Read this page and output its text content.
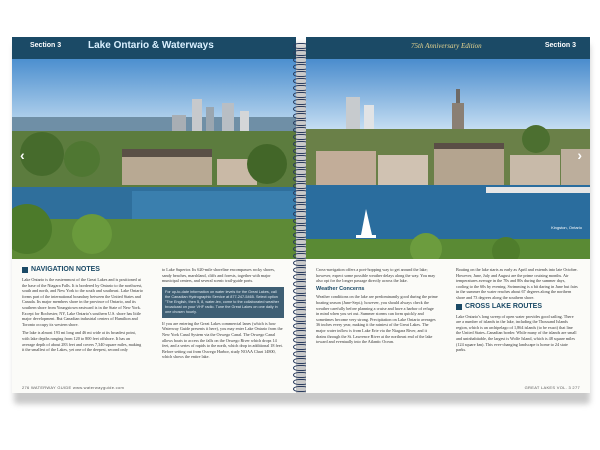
Section 3	Lake Ontario & Waterways
‹
NAVIGATION NOTES

Lake Ontario is the easternmost of the Great Lakes and is positioned at the base of the Niagara Falls. It is bordered by Ontario to the northwest, south and north, and New York to the south and southeast. Lake Ontario forms part of the international boundary between the United States and Canada. Its major members shore in the province of Ontario, and its southern shore from Youngstown eastward is in the State of New York. Except for Rochester, NY, Lake Ontario's southern U.S. shore has little major development. But Canadian industrial centers of Hamilton and Toronto occupy its western shore.

The lake is almost 193 mi long and 46 mi wide at its broadest point, with lake depths ranging from 120 to 800 feet offshore. It has an average depth of about 283 feet and covers 7,340 square miles, making it the smallest of the Lakes, yet one of the deepest, second only

to Lake Superior. Its 620-mile shoreline encompasses rocky shores, sandy beaches, marshland, cliffs and forests, together with major municipal centers, and several scenic trail-guide ports.

For up-to-date information on water levels for the Great Lakes, call the Canadian Hydrographic Service at 877-247-5465. Select option "The English, then 5, 8, water-lex, come to the collaborated weather broadcast on your VHF radio. Tune the Great Lakes on one daily in one chosen hourly.

If you are entering the Great Lakes commercial lanes (which is how Waterway Guide presents it here), you may enter Lake Ontario from the New York Canal System via the Oswego Canal. The Oswego Canal allows boats to access the falls on the Oswego River which drops 14 feet, and a series of rapids to the north, which drop in additional 18 feet. Before setting out from Oswego Harbor, study NOAA Chart 14800, which shows the entire lake.

276 WATERWAY GUIDE www.waterwayguide.com
75th Anniversary Edition	Section 3
›
Kingston, Ontario

Cross-navigation offers a port-hopping way to get around the lake; however, expect some possible weather delays along the way. You may also opt for the longer passage directly across the lake.

Weather Concerns

Weather conditions on the lake are predominantly good during the prime boating season (June-Sept.); however, you should always check the weather carefully before planning a cruise and have a harbor of refuge in mind when you set out. Summer storms can form quickly and sometimes become very strong. Precipitation on Lake Ontario averages 36 inches every year, making it the rainiest of the Great Lakes. The major water inflow is from Lake Erie via the Niagara River, and it drains through the St. Lawrence River at the northeast end of the lake toward and eventually into the Atlantic Ocean.

Boating on the lake starts as early as April and extends into late October. However, June, July and August are the prime cruising months. Air temperatures average in the 70s and 80s during the summer days, cooling to the 60s by evening. Swimming is a bit daring in June but fairs in the summer the water reaches about 67 degrees along the northern shore and 73 degrees along the southern shore.

CROSS LAKE ROUTES

Lake Ontario's long sweep of open water provides good sailing. There are a number of islands in the lake, including the Thousand Islands region, which is an archipelago of 1,864 islands (to be exact) that line the United States–Canadian border. While many of the islands are small and uninhabitable, the largest is Wolfe Island, which is 48 square miles (124 square km). This ever-changing landscape is home to 24 state parks.

GREAT LAKES VOL. 3 277
